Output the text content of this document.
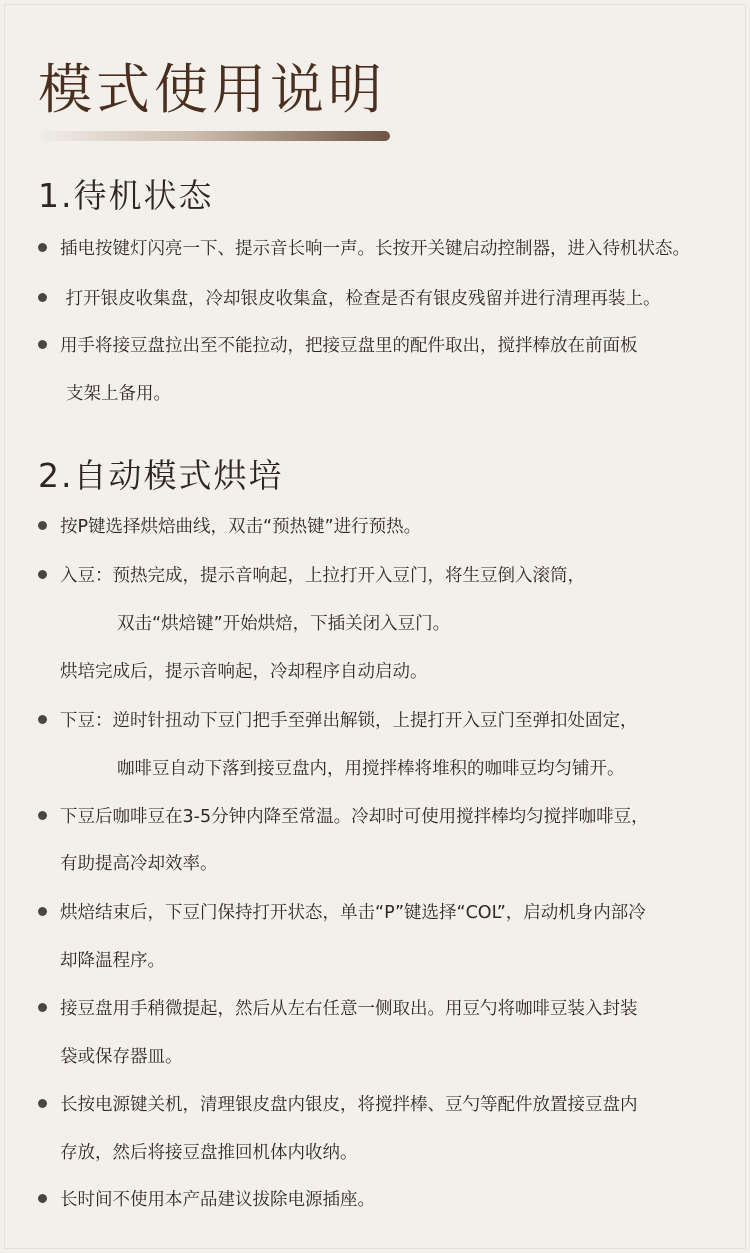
模式使用说明
1.待机状态
插电按键灯闪亮一下、提示音长响一声。长按开关键启动控制器，进入待机状态。
打开银皮收集盘，冷却银皮收集盒，检查是否有银皮残留并进行清理再装上。
用手将接豆盘拉出至不能拉动，把接豆盘里的配件取出，搅拌棒放在前面板
支架上备用。
2.自动模式烘培
按P键选择烘焙曲线，双击“预热键”进行预热。
入豆：预热完成，提示音响起，上拉打开入豆门，将生豆倒入滚筒，
双击“烘焙键”开始烘焙，下插关闭入豆门。
烘培完成后，提示音响起，冷却程序自动启动。
下豆：逆时针扭动下豆门把手至弹出解锁，上提打开入豆门至弹扣处固定，
咖啡豆自动下落到接豆盘内，用搅拌棒将堆积的咖啡豆均匀铺开。
下豆后咖啡豆在3-5分钟内降至常温。冷却时可使用搅拌棒均匀搅拌咖啡豆，
有助提高冷却效率。
烘焙结束后，下豆门保持打开状态，单击“P”键选择“COL”，启动机身内部冷
却降温程序。
接豆盘用手稍微提起，然后从左右任意一侧取出。用豆勺将咖啡豆装入封装
袋或保存器皿。
长按电源键关机，清理银皮盘内银皮，将搅拌棒、豆勺等配件放置接豆盘内
存放，然后将接豆盘推回机体内收纳。
长时间不使用本产品建议拔除电源插座。
